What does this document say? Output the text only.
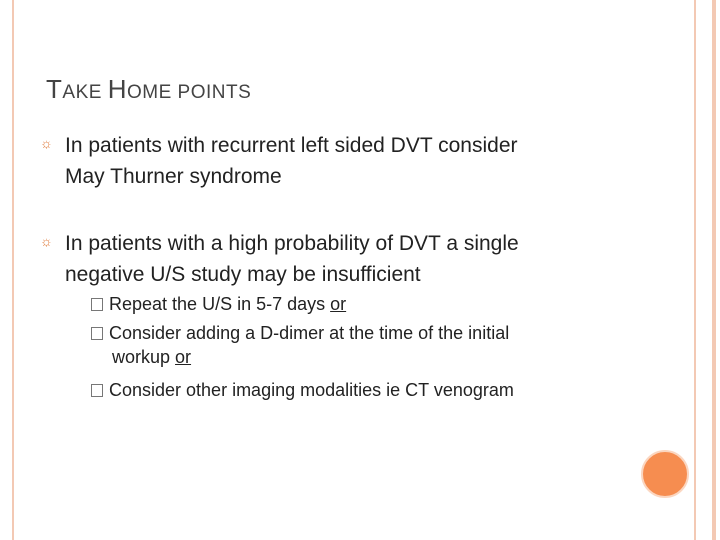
TAKE HOME POINTS
☼ In patients with recurrent left sided DVT consider
May Thurner syndrome
☼ In patients with a high probability of DVT a single
negative U/S study may be insufficient
Repeat the U/S in 5-7 days or
Consider adding a D-dimer at the time of the initial
workup or
Consider other imaging modalities ie CT venogram
